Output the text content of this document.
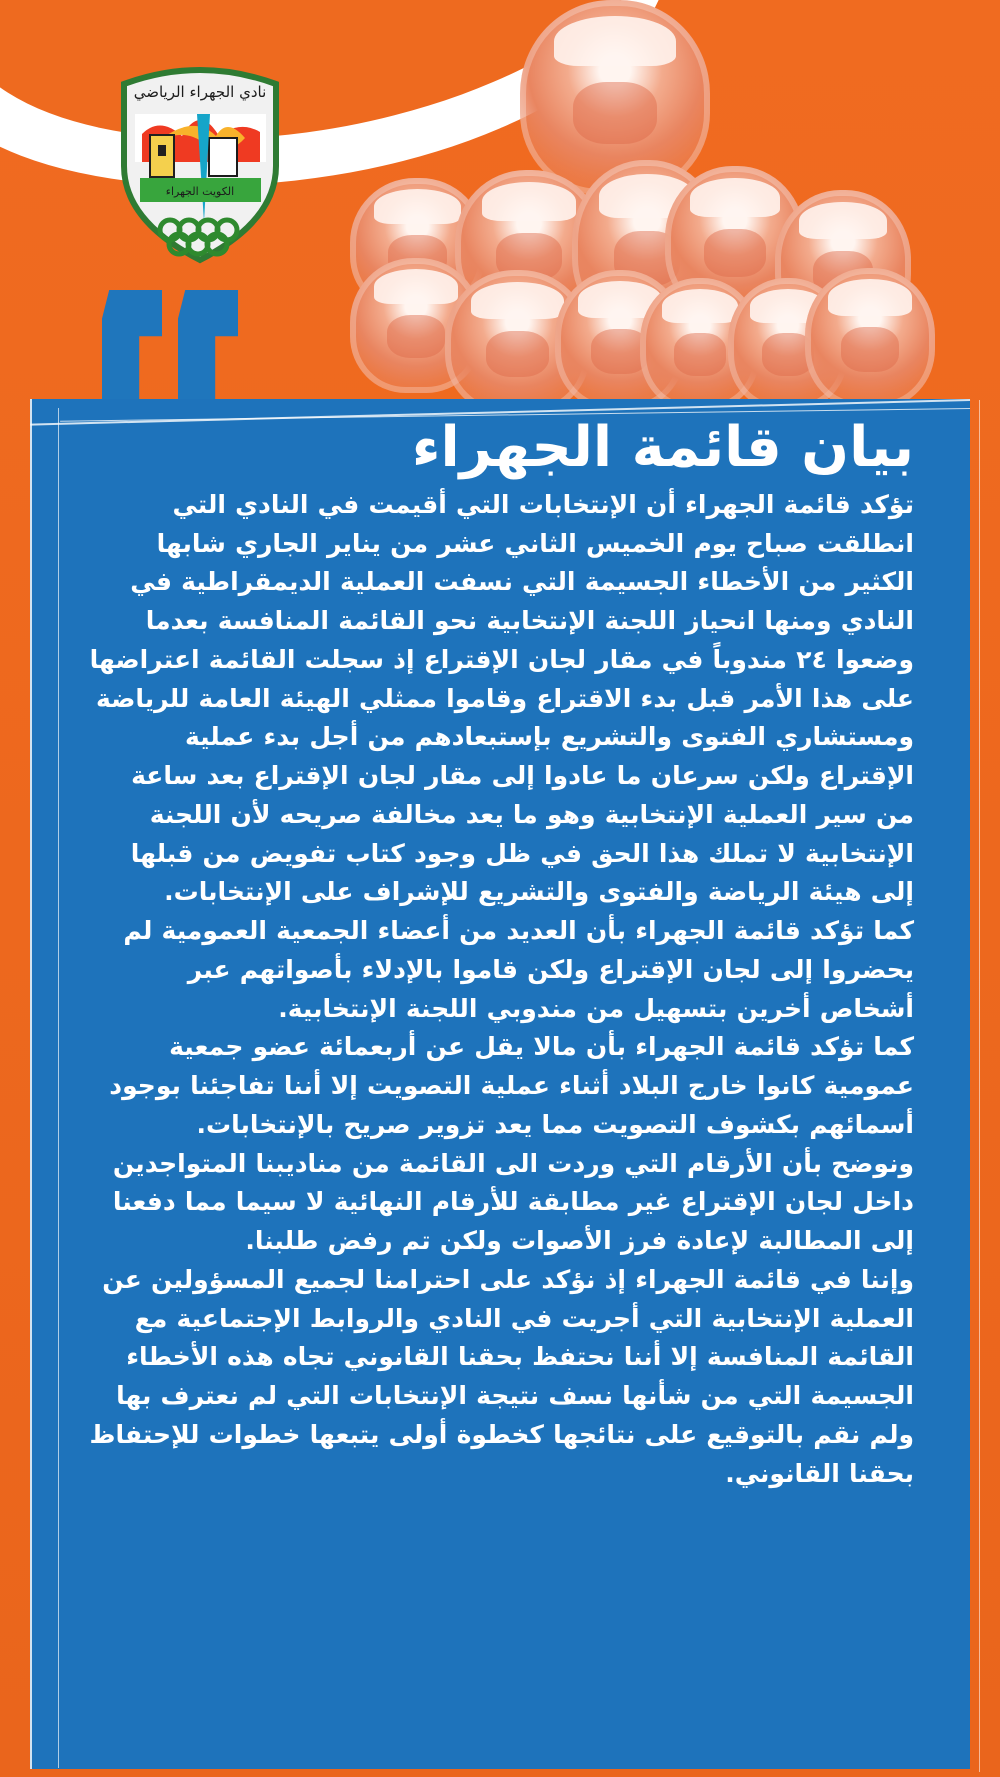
نادي الجهراء الرياضي
الكويت الجهراء
بيان قائمة الجهراء

تؤكد قائمة الجهراء أن الإنتخابات التي أقيمت في النادي التي انطلقت صباح يوم الخميس الثاني عشر من يناير الجاري شابها الكثير من الأخطاء الجسيمة التي نسفت العملية الديمقراطية في النادي ومنها انحياز اللجنة الإنتخابية نحو القائمة المنافسة بعدما وضعوا ٢٤ مندوباً في مقار لجان الإقتراع إذ سجلت القائمة اعتراضها على هذا الأمر قبل بدء الاقتراع وقاموا ممثلي الهيئة العامة للرياضة ومستشاري الفتوى والتشريع بإستبعادهم من أجل بدء عملية الإقتراع ولكن سرعان ما عادوا إلى مقار لجان الإقتراع بعد ساعة من سير العملية الإنتخابية وهو ما يعد مخالفة صريحه لأن اللجنة الإنتخابية لا تملك هذا الحق في ظل وجود كتاب تفويض من قبلها إلى هيئة الرياضة والفتوى والتشريع للإشراف على الإنتخابات.

كما تؤكد قائمة الجهراء بأن العديد من أعضاء الجمعية العمومية لم يحضروا إلى لجان الإقتراع ولكن قاموا بالإدلاء بأصواتهم عبر أشخاص أخرين بتسهيل من مندوبي اللجنة الإنتخابية.

كما تؤكد قائمة الجهراء بأن مالا يقل عن أربعمائة عضو جمعية عمومية كانوا خارج البلاد أثناء عملية التصويت إلا أننا تفاجئنا بوجود أسمائهم بكشوف التصويت مما يعد تزوير صريح بالإنتخابات.

ونوضح بأن الأرقام التي وردت الى القائمة من مناديبنا المتواجدين داخل لجان الإقتراع غير مطابقة للأرقام النهائية لا سيما مما دفعنا إلى المطالبة لإعادة فرز الأصوات ولكن تم رفض طلبنا.

وإننا في قائمة الجهراء إذ نؤكد على احترامنا لجميع المسؤولين عن العملية الإنتخابية التي أجريت في النادي والروابط الإجتماعية مع القائمة المنافسة إلا أننا نحتفظ بحقنا القانوني تجاه هذه الأخطاء الجسيمة التي من شأنها نسف نتيجة الإنتخابات التي لم نعترف بها ولم نقم بالتوقيع على نتائجها كخطوة أولى يتبعها خطوات للإحتفاظ بحقنا القانوني.
